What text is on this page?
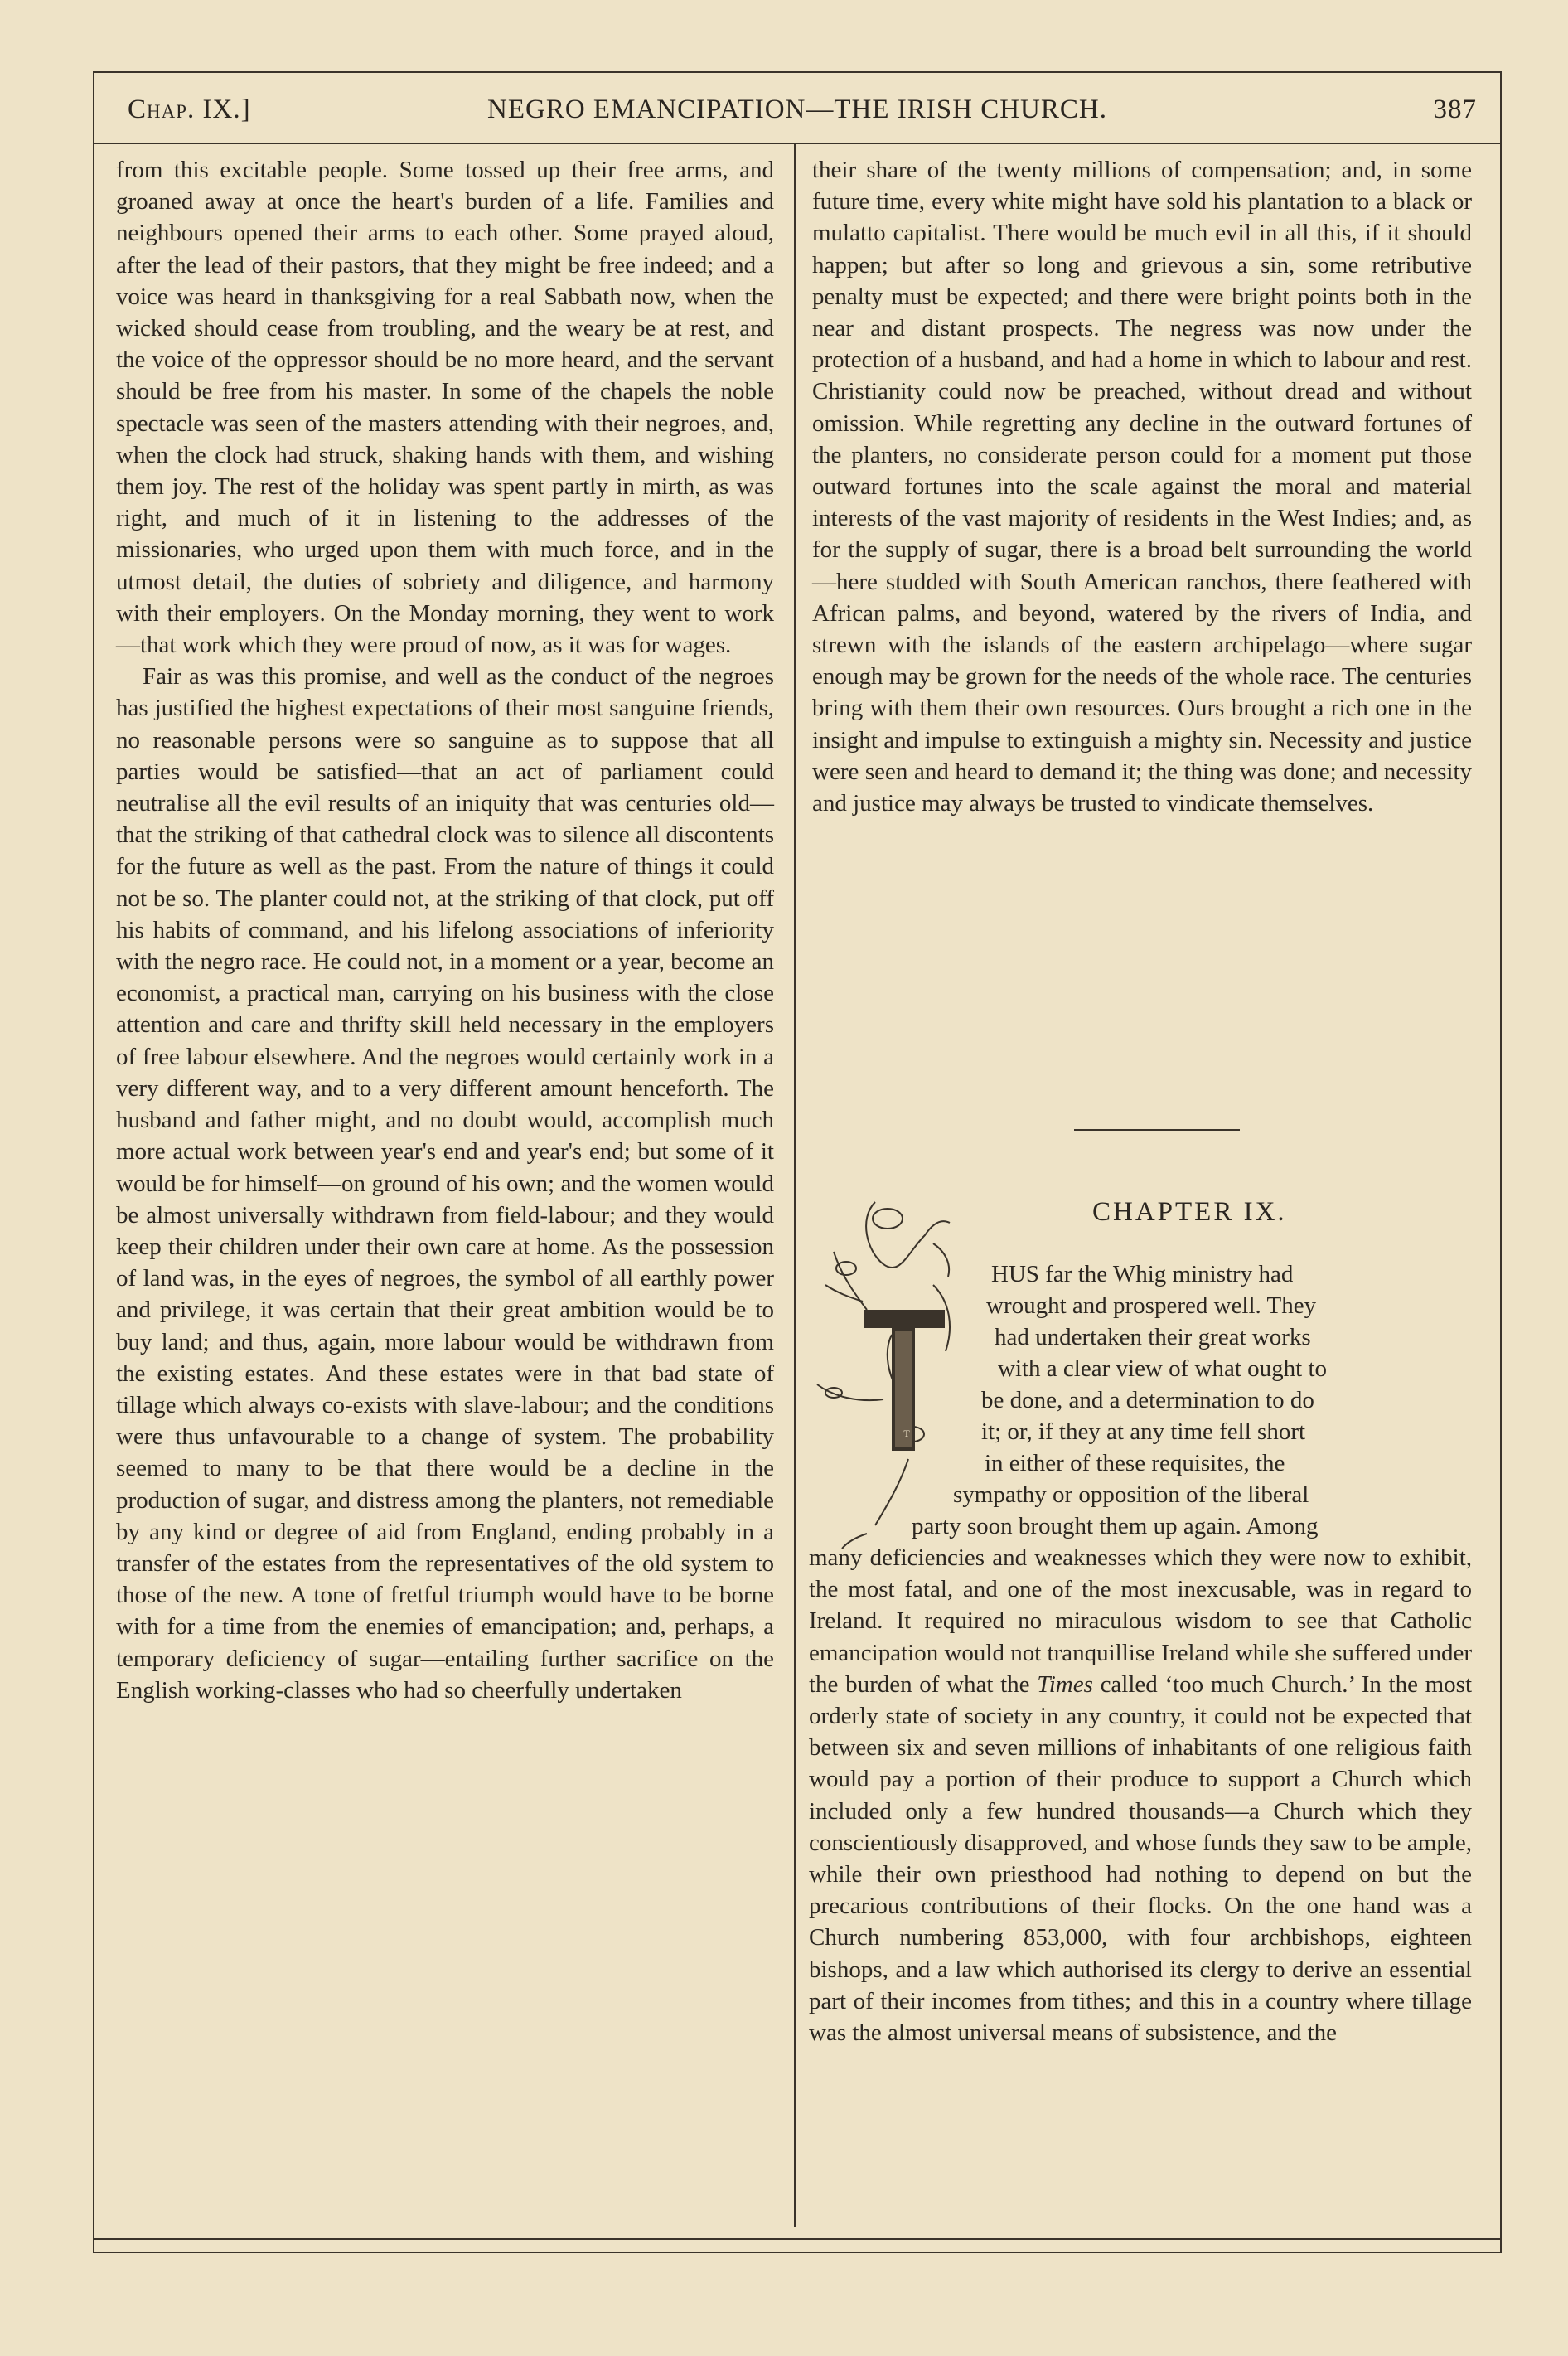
Chap. IX.]	NEGRO EMANCIPATION—THE IRISH CHURCH.	387

from this excitable people. Some tossed up their free arms, and groaned away at once the heart's burden of a life. Families and neighbours opened their arms to each other. Some prayed aloud, after the lead of their pastors, that they might be free indeed; and a voice was heard in thanksgiving for a real Sabbath now, when the wicked should cease from troubling, and the weary be at rest, and the voice of the oppressor should be no more heard, and the servant should be free from his master. In some of the chapels the noble spectacle was seen of the masters attending with their negroes, and, when the clock had struck, shaking hands with them, and wishing them joy. The rest of the holiday was spent partly in mirth, as was right, and much of it in listening to the addresses of the missionaries, who urged upon them with much force, and in the utmost detail, the duties of sobriety and diligence, and harmony with their employers. On the Monday morning, they went to work—that work which they were proud of now, as it was for wages.

Fair as was this promise, and well as the conduct of the negroes has justified the highest expectations of their most sanguine friends, no reasonable persons were so sanguine as to suppose that all parties would be satisfied—that an act of parliament could neutralise all the evil results of an iniquity that was centuries old—that the striking of that cathedral clock was to silence all discontents for the future as well as the past. From the nature of things it could not be so. The planter could not, at the striking of that clock, put off his habits of command, and his lifelong associations of inferiority with the negro race. He could not, in a moment or a year, become an economist, a practical man, carrying on his business with the close attention and care and thrifty skill held necessary in the employers of free labour elsewhere. And the negroes would certainly work in a very different way, and to a very different amount henceforth. The husband and father might, and no doubt would, accomplish much more actual work between year's end and year's end; but some of it would be for himself—on ground of his own; and the women would be almost universally withdrawn from field-labour; and they would keep their children under their own care at home. As the possession of land was, in the eyes of negroes, the symbol of all earthly power and privilege, it was certain that their great ambition would be to buy land; and thus, again, more labour would be withdrawn from the existing estates. And these estates were in that bad state of tillage which always co-exists with slave-labour; and the conditions were thus unfavourable to a change of system. The probability seemed to many to be that there would be a decline in the production of sugar, and distress among the planters, not remediable by any kind or degree of aid from England, ending probably in a transfer of the estates from the representatives of the old system to those of the new. A tone of fretful triumph would have to be borne with for a time from the enemies of emancipation; and, perhaps, a temporary deficiency of sugar—entailing further sacrifice on the English working-classes who had so cheerfully undertaken

their share of the twenty millions of compensation; and, in some future time, every white might have sold his plantation to a black or mulatto capitalist. There would be much evil in all this, if it should happen; but after so long and grievous a sin, some retributive penalty must be expected; and there were bright points both in the near and distant prospects. The negress was now under the protection of a husband, and had a home in which to labour and rest. Christianity could now be preached, without dread and without omission. While regretting any decline in the outward fortunes of the planters, no considerate person could for a moment put those outward fortunes into the scale against the moral and material interests of the vast majority of residents in the West Indies; and, as for the supply of sugar, there is a broad belt surrounding the world—here studded with South American ranchos, there feathered with African palms, and beyond, watered by the rivers of India, and strewn with the islands of the eastern archipelago—where sugar enough may be grown for the needs of the whole race. The centuries bring with them their own resources. Ours brought a rich one in the insight and impulse to extinguish a mighty sin. Necessity and justice were seen and heard to demand it; the thing was done; and necessity and justice may always be trusted to vindicate themselves.

CHAPTER IX.
T

HUS far the Whig ministry had

wrought and prospered well. They

had undertaken their great works

with a clear view of what ought to

be done, and a determination to do

it; or, if they at any time fell short

in either of these requisites, the

sympathy or opposition of the liberal

party soon brought them up again. Among

many deficiencies and weaknesses which they were now to exhibit, the most fatal, and one of the most inexcusable, was in regard to Ireland. It required no miraculous wisdom to see that Catholic emancipation would not tranquillise Ireland while she suffered under the burden of what the Times called ‘too much Church.’ In the most orderly state of society in any country, it could not be expected that between six and seven millions of inhabitants of one religious faith would pay a portion of their produce to support a Church which included only a few hundred thousands—a Church which they conscientiously disapproved, and whose funds they saw to be ample, while their own priesthood had nothing to depend on but the precarious contributions of their flocks. On the one hand was a Church numbering 853,000, with four archbishops, eighteen bishops, and a law which authorised its clergy to derive an essential part of their incomes from tithes; and this in a country where tillage was the almost universal means of subsistence, and the
